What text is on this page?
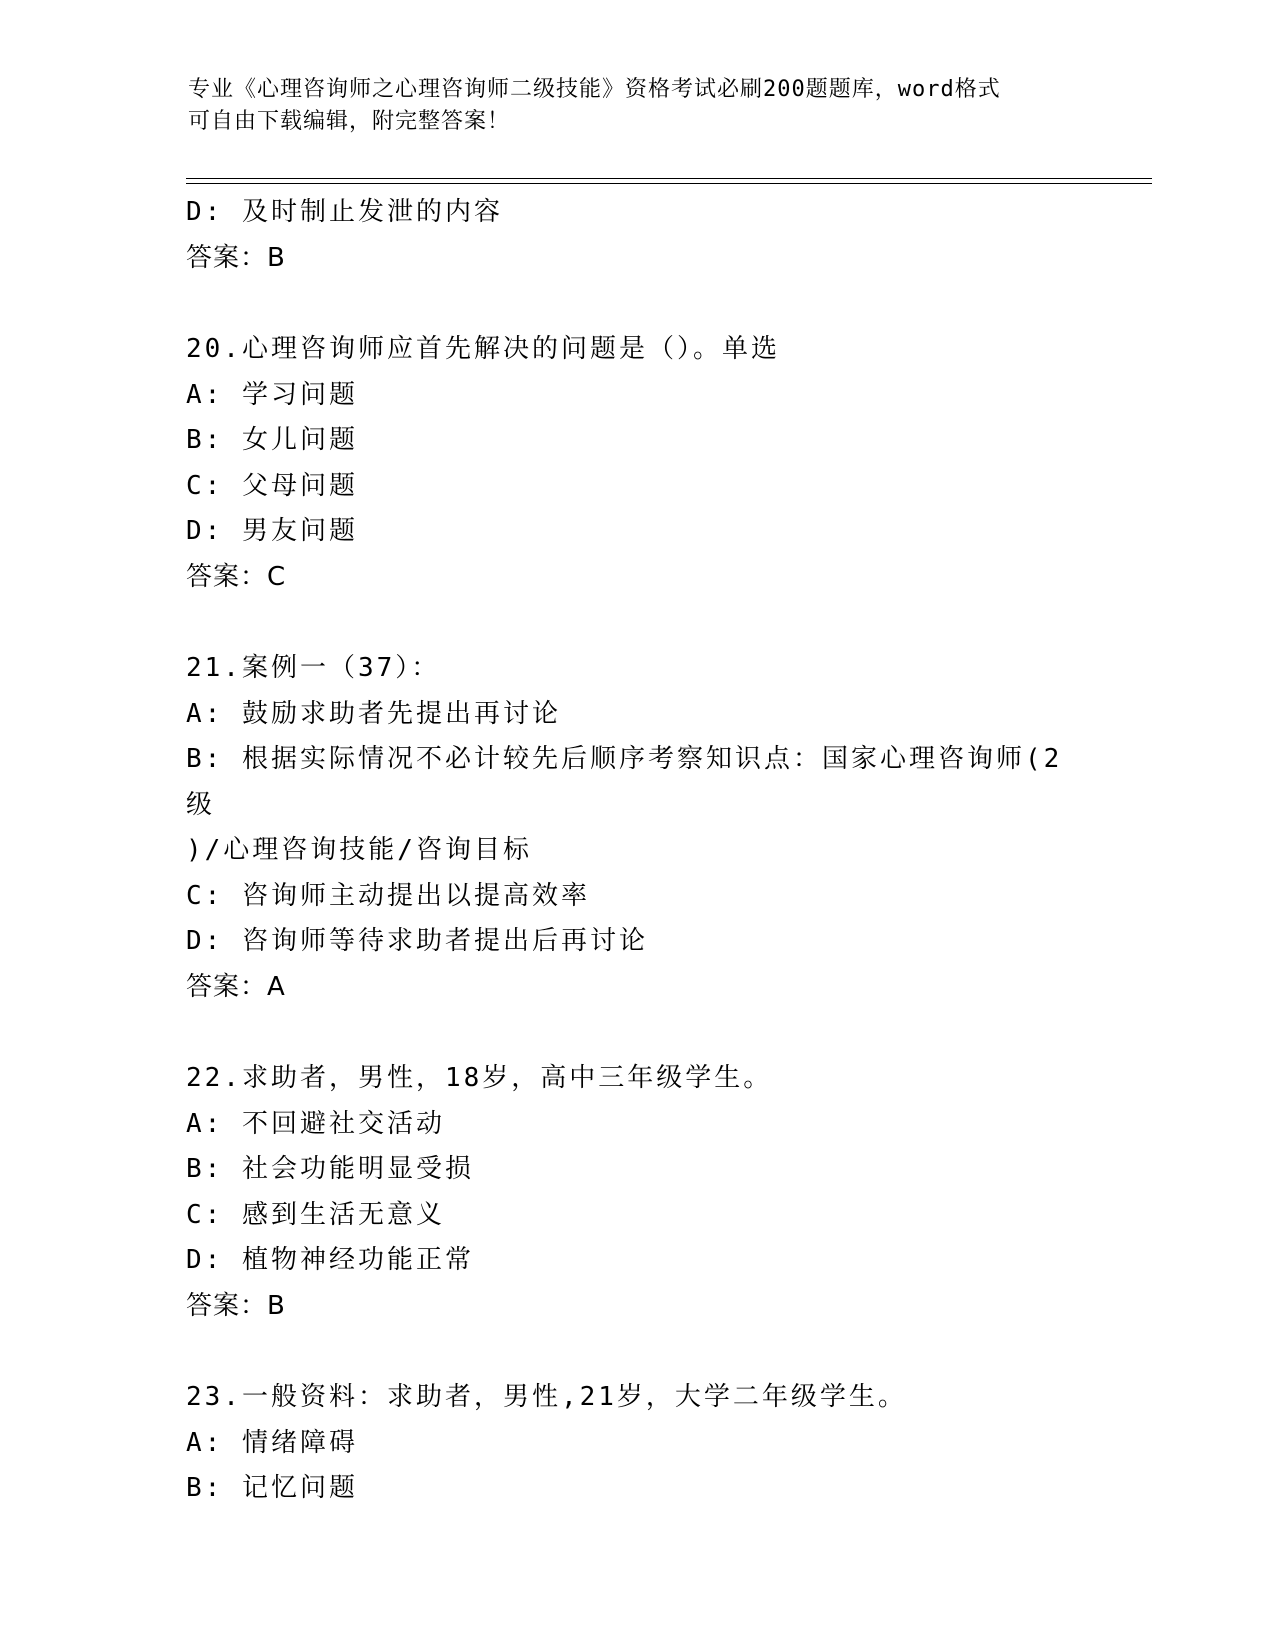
专业《心理咨询师之心理咨询师二级技能》资格考试必刷200题题库，word格式
可自由下载编辑，附完整答案！
D: 及时制止发泄的内容
答案：B
20.心理咨询师应首先解决的问题是（）。单选
A: 学习问题
B: 女儿问题
C: 父母问题
D: 男友问题
答案：C
21.案例一（37）：
A: 鼓励求助者先提出再讨论
B: 根据实际情况不必计较先后顺序考察知识点：国家心理咨询师(2级
)/心理咨询技能/咨询目标
C: 咨询师主动提出以提高效率
D: 咨询师等待求助者提出后再讨论
答案：A
22.求助者，男性，18岁，高中三年级学生。
A: 不回避社交活动
B: 社会功能明显受损
C: 感到生活无意义
D: 植物神经功能正常
答案：B
23.一般资料：求助者，男性,21岁，大学二年级学生。
A: 情绪障碍
B: 记忆问题
